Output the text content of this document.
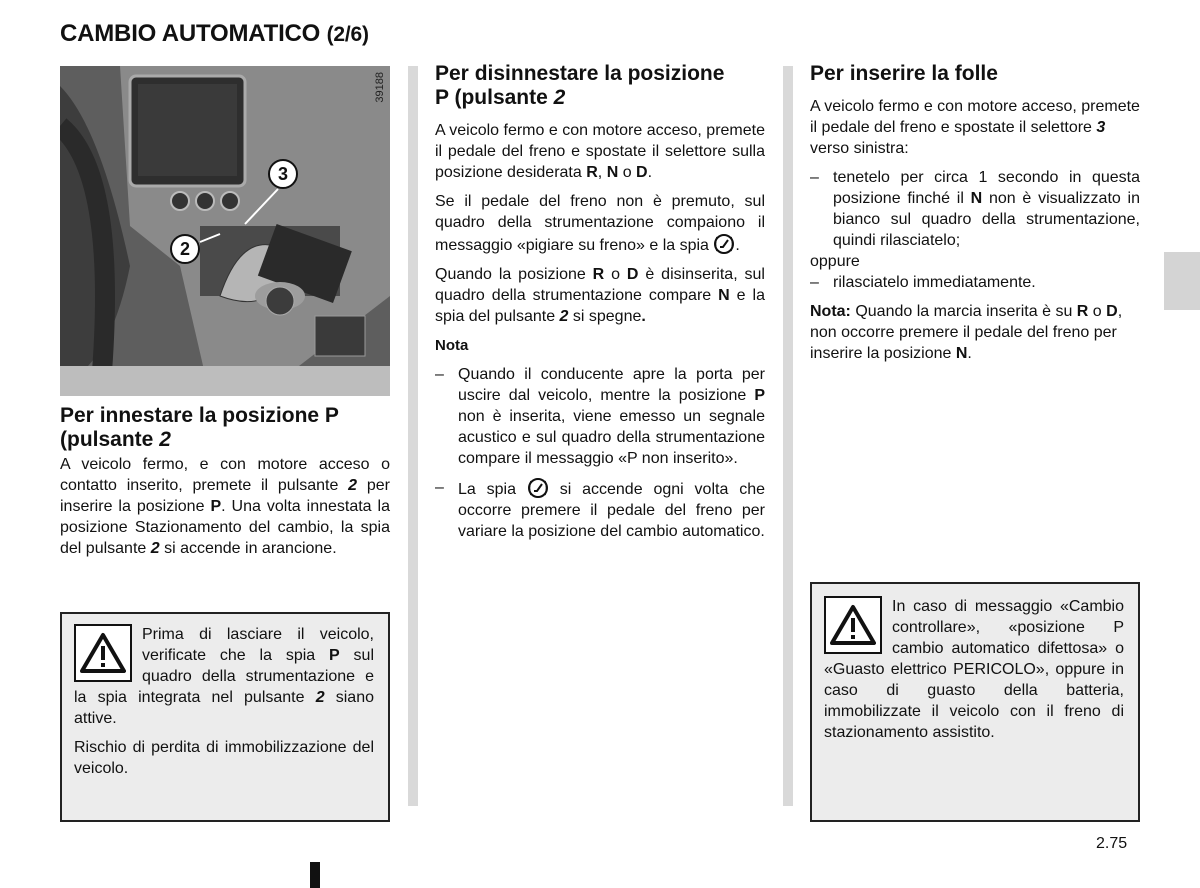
CAMBIO AUTOMATICO (2/6)
39188
3
2
Per innestare la posizione P
(pulsante 2

A veicolo fermo, e con motore acceso o contatto inserito, premete il pulsante 2 per inserire la posizione P. Una volta innestata la posizione Stazionamento del cambio, la spia del pulsante 2 si accende in arancione.

Prima di lasciare il veicolo, verificate che la spia P sul quadro della strumentazione e la spia integrata nel pulsante 2 siano attive.

Rischio di perdita di immobilizzazione del veicolo.

Per disinnestare la posizione
P (pulsante 2

A veicolo fermo e con motore acceso, premete il pedale del freno e spostate il selettore sulla posizione desiderata R, N o D.

Se il pedale del freno non è premuto, sul quadro della strumentazione compaiono il messaggio «pigiare su freno» e la spia .

Quando la posizione R o D è disinserita, sul quadro della strumentazione compare N e la spia del pulsante 2 si spegne.

Nota

– Quando il conducente apre la porta per uscire dal veicolo, mentre la posizione P non è inserita, viene emesso un segnale acustico e sul quadro della strumentazione compare il messaggio «P non inserito».
– La spia  si accende ogni volta che occorre premere il pedale del freno per variare la posizione del cambio automatico.
Per inserire la folle

A veicolo fermo e con motore acceso, premete il pedale del freno e spostate il selettore 3 verso sinistra:

– tenetelo per circa 1 secondo in questa posizione finché il N non è visualizzato in bianco sul quadro della strumentazione, quindi rilasciatelo;

oppure

– rilasciatelo immediatamente.

Nota: Quando la marcia inserita è su R o D, non occorre premere il pedale del freno per inserire la posizione N.

In caso di messaggio «Cambio controllare», «posizione P cambio automatico difettosa» o «Guasto elettrico PERICOLO», oppure in caso di guasto della batteria, immobilizzate il veicolo con il freno di stazionamento assistito.

2.75
